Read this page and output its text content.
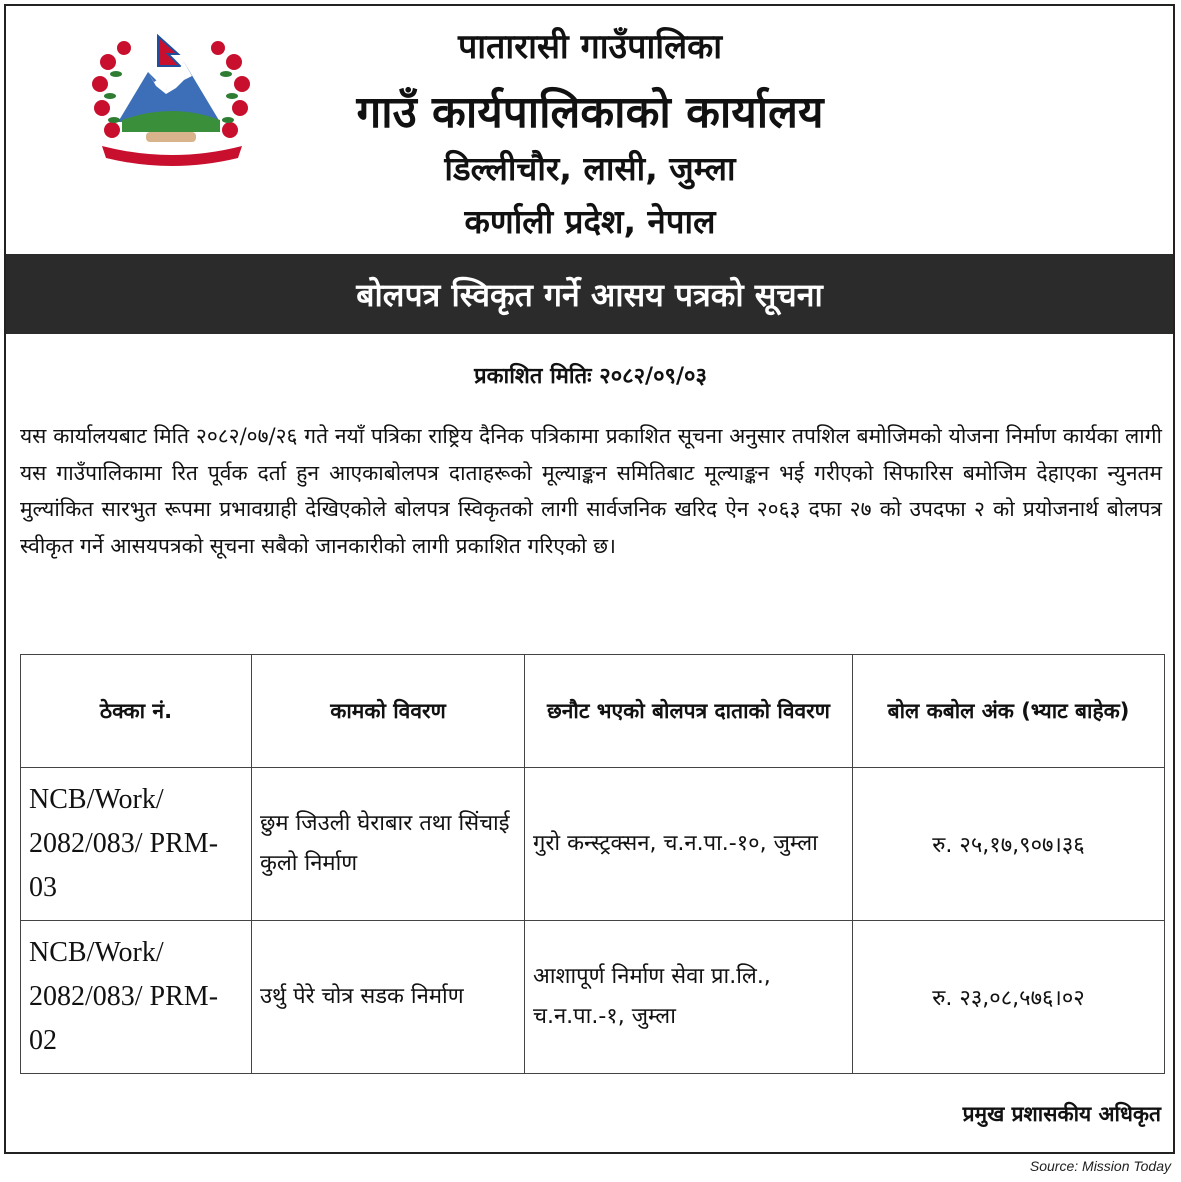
पातारासी गाउँपालिका
गाउँ कार्यपालिकाको कार्यालय
डिल्लीचौर, लासी, जुम्ला
कर्णाली प्रदेश, नेपाल
बोलपत्र स्विकृत गर्ने आसय पत्रको सूचना
प्रकाशित मितिः २०८२/०९/०३
यस कार्यालयबाट मिति २०८२/०७/२६ गते नयाँ पत्रिका राष्ट्रिय दैनिक पत्रिकामा प्रकाशित सूचना अनुसार तपशिल बमोजिमको योजना निर्माण कार्यका लागी यस गाउँपालिकामा रित पूर्वक दर्ता हुन आएकाबोलपत्र दाताहरूको मूल्याङ्कन समितिबाट मूल्याङ्कन भई गरीएको सिफारिस बमोजिम देहाएका न्युनतम मुल्यांकित सारभुत रूपमा प्रभावग्राही देखिएकोले बोलपत्र स्विकृतको लागी सार्वजनिक खरिद ऐन २०६३ दफा २७ को उपदफा २ को प्रयोजनार्थ बोलपत्र स्वीकृत गर्ने आसयपत्रको सूचना सबैको जानकारीको लागी प्रकाशित गरिएको छ।
ठेक्का नं.	कामको विवरण	छनौट भएको बोलपत्र दाताको विवरण	बोल कबोल अंक (भ्याट बाहेक)
NCB/Work/ 2082/083/ PRM-03	छुम जिउली घेराबार तथा सिंचाई कुलो निर्माण	गुरो कन्स्ट्रक्सन, च.न.पा.-१०, जुम्ला	रु. २५,१७,९०७।३६
NCB/Work/ 2082/083/ PRM-02	उर्थु पेरे चोत्र सडक निर्माण	आशापूर्ण निर्माण सेवा प्रा.लि., च.न.पा.-१, जुम्ला	रु. २३,०८,५७६।०२
प्रमुख प्रशासकीय अधिकृत
Source: Mission Today
